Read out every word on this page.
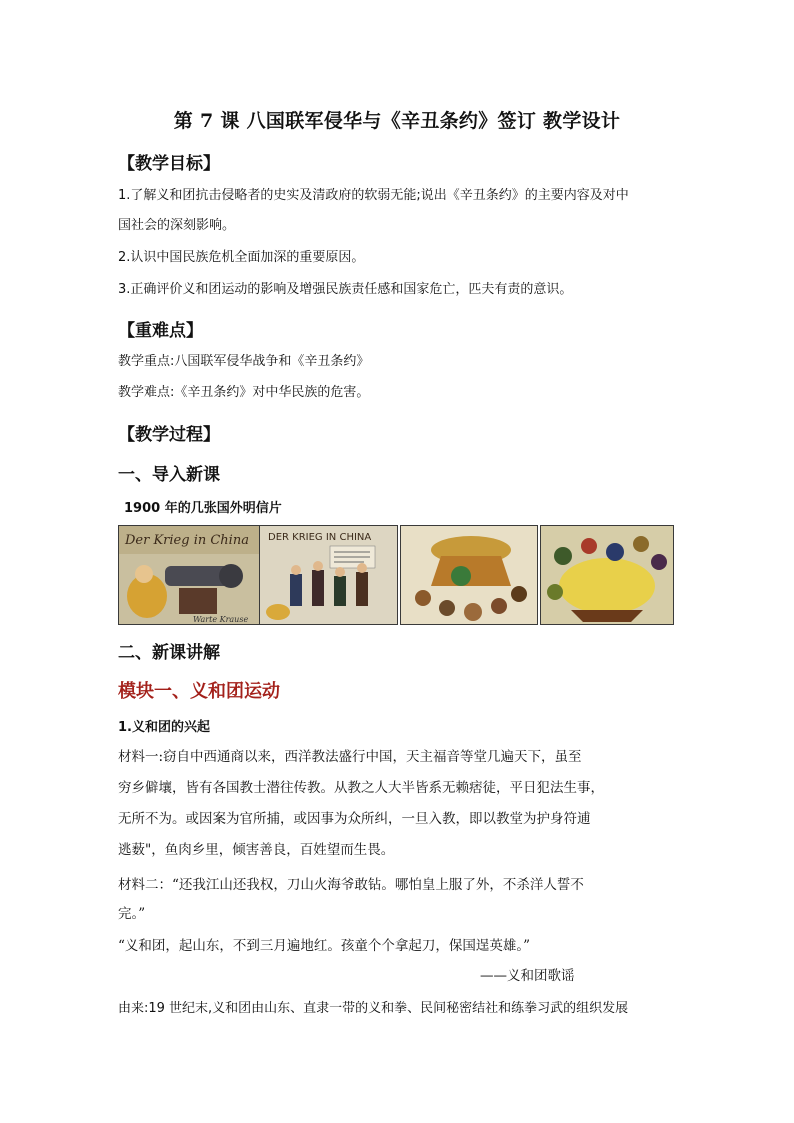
第 7 课 八国联军侵华与《辛丑条约》签订 教学设计
【教学目标】
1.了解义和团抗击侵略者的史实及清政府的软弱无能;说出《辛丑条约》的主要内容及对中
国社会的深刻影响。
2.认识中国民族危机全面加深的重要原因。
3.正确评价义和团运动的影响及增强民族责任感和国家危亡，匹夫有责的意识。
【重难点】
教学重点:八国联军侵华战争和《辛丑条约》
教学难点:《辛丑条约》对中华民族的危害。
【教学过程】
一、导入新课
1900 年的几张国外明信片
Der Krieg in China
Warte Krause
DER KRIEG IN CHINA
二、新课讲解
模块一、义和团运动
1.义和团的兴起
材料一:窃自中西通商以来，西洋教法盛行中国，天主福音等堂几遍天下，虽至
穷乡僻壤，皆有各国教士潜往传教。从教之人大半皆系无赖痞徒，平日犯法生事，
无所不为。或因案为官所捕，或因事为众所纠，一旦入教，即以教堂为护身符逋
逃薮"，鱼肉乡里，倾害善良，百姓望而生畏。
材料二：“还我江山还我权，刀山火海爷敢钻。哪怕皇上服了外，不杀洋人誓不
完。”
“义和团，起山东，不到三月遍地红。孩童个个拿起刀，保国逞英雄。”
——义和团歌谣
由来:19 世纪末,义和团由山东、直隶一带的义和拳、民间秘密结社和练拳习武的组织发展
